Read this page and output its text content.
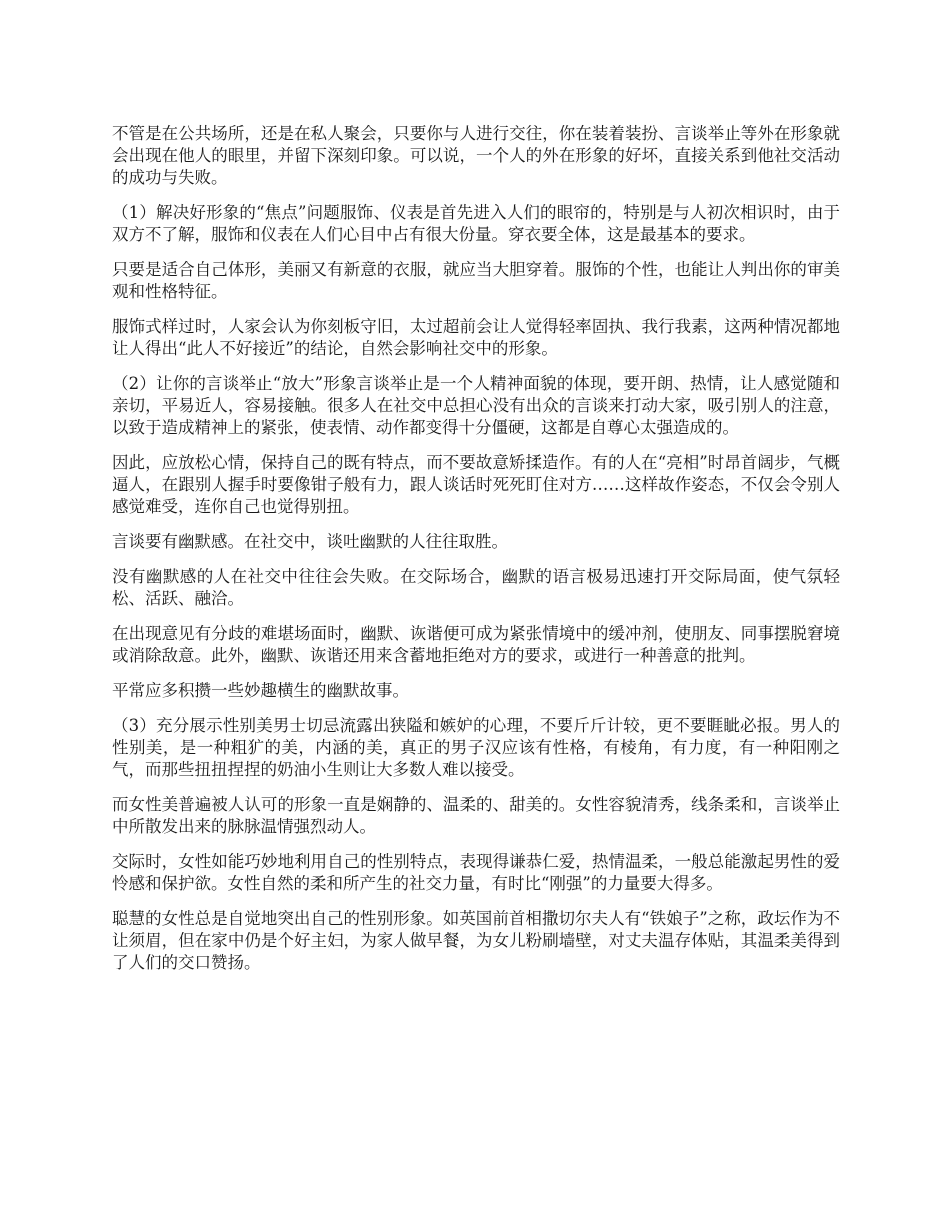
不管是在公共场所，还是在私人聚会，只要你与人进行交往，你在装着装扮、言谈举止等外在形象就会出现在他人的眼里，并留下深刻印象。可以说，一个人的外在形象的好坏，直接关系到他社交活动的成功与失败。

（1）解决好形象的“焦点”问题服饰、仪表是首先进入人们的眼帘的，特别是与人初次相识时，由于双方不了解，服饰和仪表在人们心目中占有很大份量。穿衣要全体，这是最基本的要求。

只要是适合自己体形，美丽又有新意的衣服，就应当大胆穿着。服饰的个性，也能让人判出你的审美观和性格特征。

服饰式样过时，人家会认为你刻板守旧，太过超前会让人觉得轻率固执、我行我素，这两种情况都地让人得出“此人不好接近”的结论，自然会影响社交中的形象。

（2）让你的言谈举止“放大”形象言谈举止是一个人精神面貌的体现，要开朗、热情，让人感觉随和亲切，平易近人，容易接触。很多人在社交中总担心没有出众的言谈来打动大家，吸引别人的注意，以致于造成精神上的紧张，使表情、动作都变得十分僵硬，这都是自尊心太强造成的。

因此，应放松心情，保持自己的既有特点，而不要故意矫揉造作。有的人在“亮相”时昂首阔步，气概逼人，在跟别人握手时要像钳子般有力，跟人谈话时死死盯住对方……这样故作姿态，不仅会令别人感觉难受，连你自己也觉得别扭。

言谈要有幽默感。在社交中，谈吐幽默的人往往取胜。

没有幽默感的人在社交中往往会失败。在交际场合，幽默的语言极易迅速打开交际局面，使气氛轻松、活跃、融洽。

在出现意见有分歧的难堪场面时，幽默、诙谐便可成为紧张情境中的缓冲剂，使朋友、同事摆脱窘境或消除敌意。此外，幽默、诙谐还用来含蓄地拒绝对方的要求，或进行一种善意的批判。

平常应多积攒一些妙趣横生的幽默故事。

（3）充分展示性别美男士切忌流露出狭隘和嫉妒的心理，不要斤斤计较，更不要睚眦必报。男人的性别美，是一种粗犷的美，内涵的美，真正的男子汉应该有性格，有棱角，有力度，有一种阳刚之气，而那些扭扭捏捏的奶油小生则让大多数人难以接受。

而女性美普遍被人认可的形象一直是娴静的、温柔的、甜美的。女性容貌清秀，线条柔和，言谈举止中所散发出来的脉脉温情强烈动人。

交际时，女性如能巧妙地利用自己的性别特点，表现得谦恭仁爱，热情温柔，一般总能激起男性的爱怜感和保护欲。女性自然的柔和所产生的社交力量，有时比“刚强”的力量要大得多。

聪慧的女性总是自觉地突出自己的性别形象。如英国前首相撒切尔夫人有“铁娘子”之称，政坛作为不让须眉，但在家中仍是个好主妇，为家人做早餐，为女儿粉刷墙壁，对丈夫温存体贴，其温柔美得到了人们的交口赞扬。
